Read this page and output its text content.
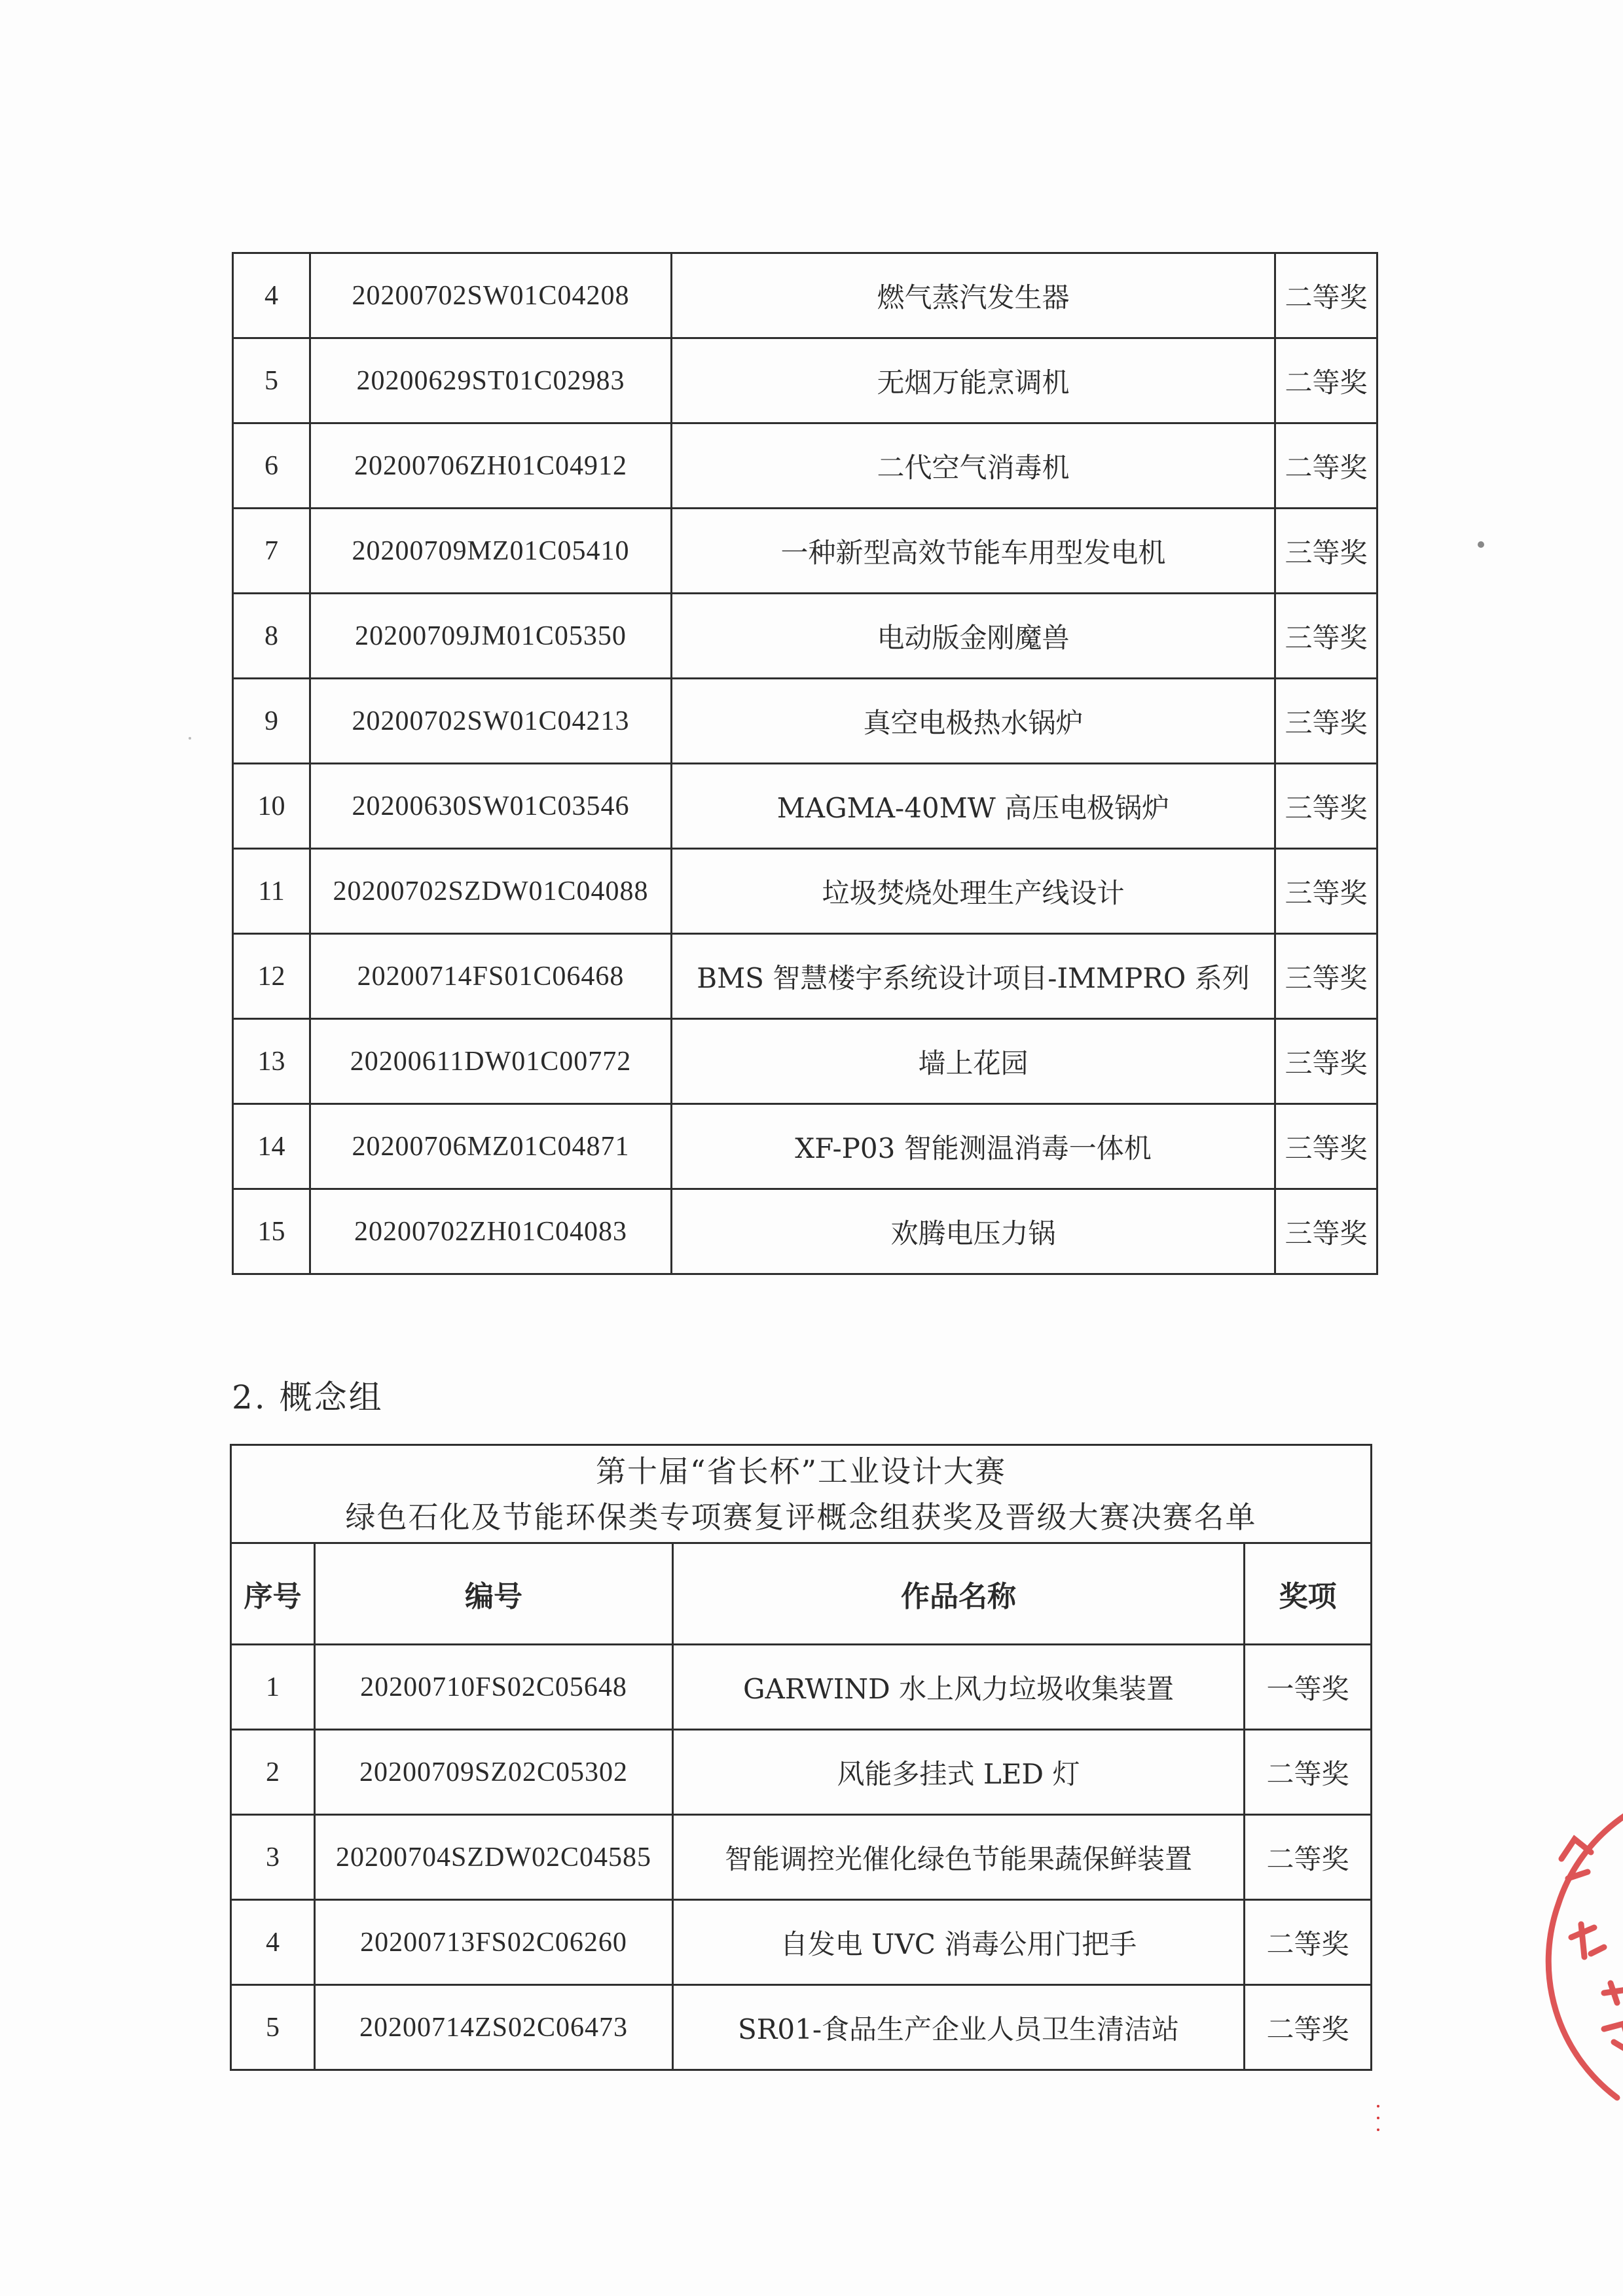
4	20200702SW01C04208	燃气蒸汽发生器	二等奖
5	20200629ST01C02983	无烟万能烹调机	二等奖
6	20200706ZH01C04912	二代空气消毒机	二等奖
7	20200709MZ01C05410	一种新型高效节能车用型发电机	三等奖
8	20200709JM01C05350	电动版金刚魔兽	三等奖
9	20200702SW01C04213	真空电极热水锅炉	三等奖
10	20200630SW01C03546	MAGMA-40MW 高压电极锅炉	三等奖
11	20200702SZDW01C04088	垃圾焚烧处理生产线设计	三等奖
12	20200714FS01C06468	BMS 智慧楼宇系统设计项目-IMMPRO 系列	三等奖
13	20200611DW01C00772	墙上花园	三等奖
14	20200706MZ01C04871	XF-P03 智能测温消毒一体机	三等奖
15	20200702ZH01C04083	欢腾电压力锅	三等奖
2. 概念组
第十届“省长杯”工业设计大赛
绿色石化及节能环保类专项赛复评概念组获奖及晋级大赛决赛名单			

序号	编号	作品名称	奖项
1	20200710FS02C05648	GARWIND 水上风力垃圾收集装置	一等奖
2	20200709SZ02C05302	风能多挂式 LED 灯	二等奖
3	20200704SZDW02C04585	智能调控光催化绿色节能果蔬保鲜装置	二等奖
4	20200713FS02C06260	自发电 UVC 消毒公用门把手	二等奖
5	20200714ZS02C06473	SR01-食品生产企业人员卫生清洁站	二等奖
